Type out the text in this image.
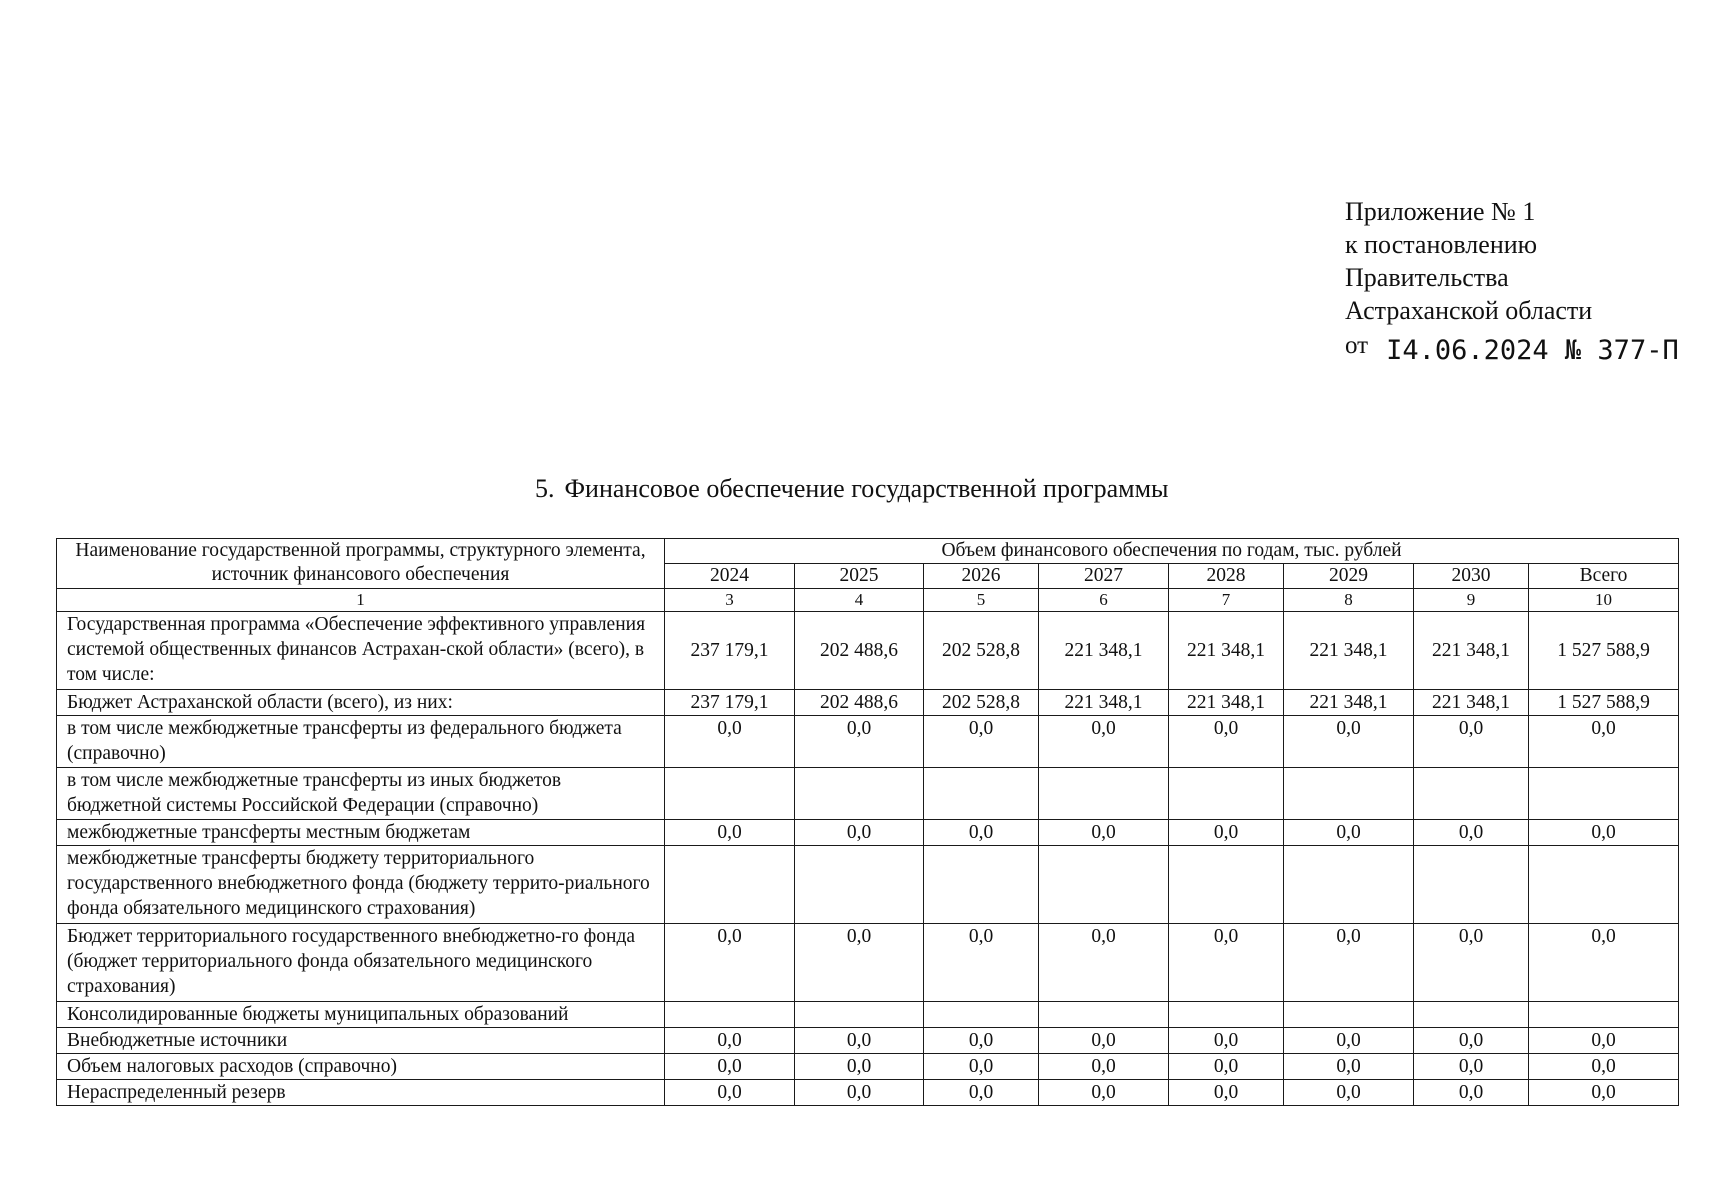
Приложение № 1
к постановлению
Правительства
Астраханской области
от I4.06.2024 № 377-П
5. Финансовое обеспечение государственной программы
Наименование государственной программы, структурного элемента, источник финансового обеспечения	Объем финансового обеспечения по годам, тыс. рублей							
	2024	2025	2026	2027	2028	2029	2030	Всего
1	3	4	5	6	7	8	9	10
Государственная программа «Обеспечение эффективного управления системой общественных финансов Астрахан-ской области» (всего), в том числе:	237 179,1	202 488,6	202 528,8	221 348,1	221 348,1	221 348,1	221 348,1	1 527 588,9
Бюджет Астраханской области (всего), из них:	237 179,1	202 488,6	202 528,8	221 348,1	221 348,1	221 348,1	221 348,1	1 527 588,9
в том числе межбюджетные трансферты из федерального бюджета (справочно)	0,0	0,0	0,0	0,0	0,0	0,0	0,0	0,0
в том числе межбюджетные трансферты из иных бюджетов бюджетной системы Российской Федерации (справочно)								
межбюджетные трансферты местным бюджетам	0,0	0,0	0,0	0,0	0,0	0,0	0,0	0,0
межбюджетные трансферты бюджету территориального государственного внебюджетного фонда (бюджету террито-риального фонда обязательного медицинского страхования)								
Бюджет территориального государственного внебюджетно-го фонда (бюджет территориального фонда обязательного медицинского страхования)	0,0	0,0	0,0	0,0	0,0	0,0	0,0	0,0
Консолидированные бюджеты муниципальных образований								
Внебюджетные источники	0,0	0,0	0,0	0,0	0,0	0,0	0,0	0,0
Объем налоговых расходов (справочно)	0,0	0,0	0,0	0,0	0,0	0,0	0,0	0,0
Нераспределенный резерв	0,0	0,0	0,0	0,0	0,0	0,0	0,0	0,0
